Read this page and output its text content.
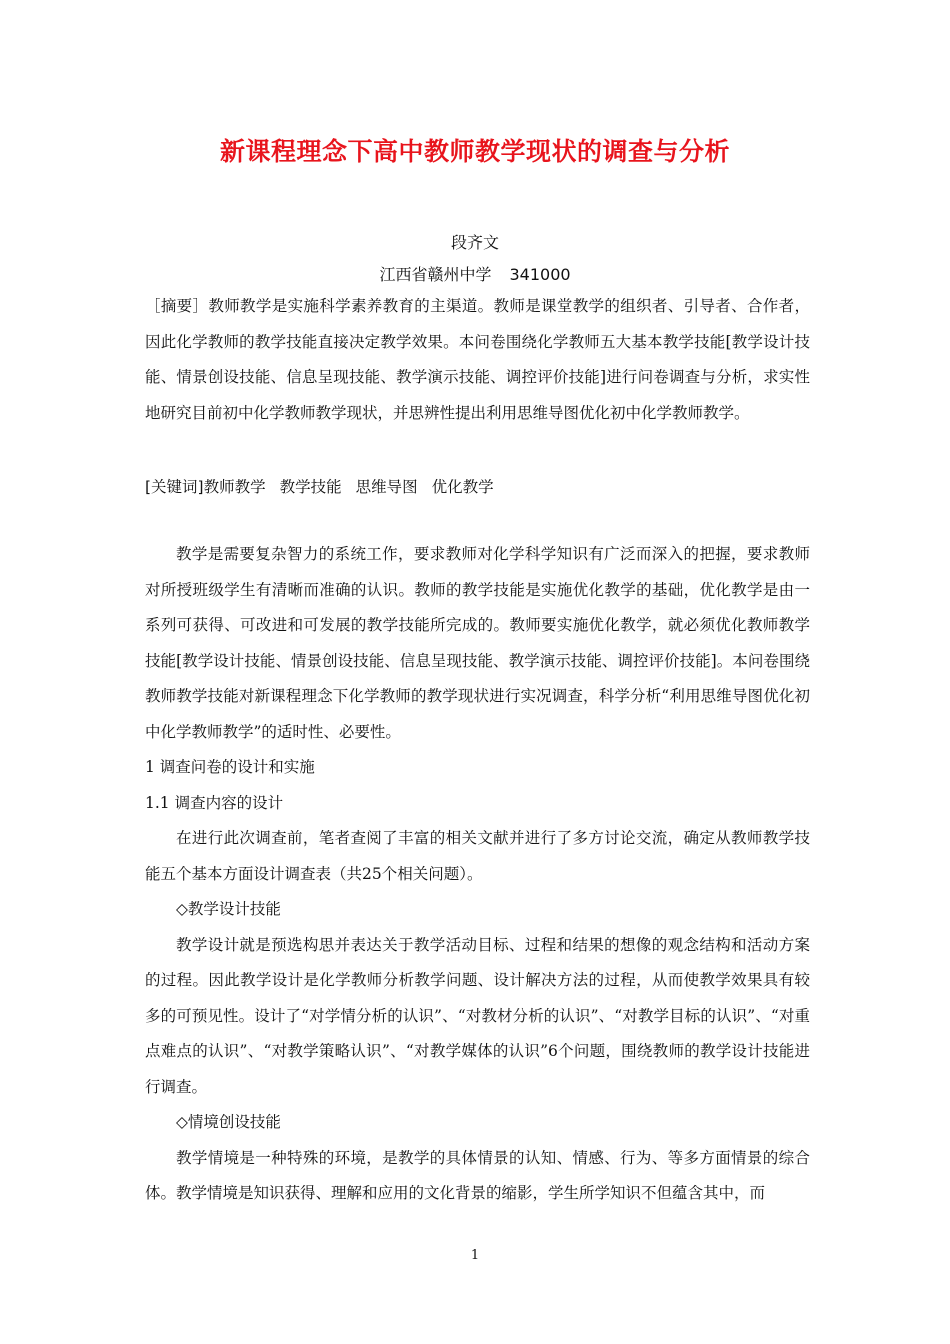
新课程理念下高中教师教学现状的调查与分析
段齐文
江西省赣州中学 341000
［摘要］教师教学是实施科学素养教育的主渠道。教师是课堂教学的组织者、引导者、合作者，因此化学教师的教学技能直接决定教学效果。本问卷围绕化学教师五大基本教学技能[教学设计技能、情景创设技能、信息呈现技能、教学演示技能、调控评价技能]进行问卷调查与分析，求实性地研究目前初中化学教师教学现状，并思辨性提出利用思维导图优化初中化学教师教学。
[关键词]教师教学 教学技能 思维导图 优化教学

教学是需要复杂智力的系统工作，要求教师对化学科学知识有广泛而深入的把握，要求教师对所授班级学生有清晰而准确的认识。教师的教学技能是实施优化教学的基础，优化教学是由一系列可获得、可改进和可发展的教学技能所完成的。教师要实施优化教学，就必须优化教师教学技能[教学设计技能、情景创设技能、信息呈现技能、教学演示技能、调控评价技能]。本问卷围绕教师教学技能对新课程理念下化学教师的教学现状进行实况调查，科学分析“利用思维导图优化初中化学教师教学”的适时性、必要性。

1 调查问卷的设计和实施

1.1 调查内容的设计

在进行此次调查前，笔者查阅了丰富的相关文献并进行了多方讨论交流，确定从教师教学技能五个基本方面设计调查表（共25个相关问题）。

◇教学设计技能

教学设计就是预选构思并表达关于教学活动目标、过程和结果的想像的观念结构和活动方案的过程。因此教学设计是化学教师分析教学问题、设计解决方法的过程，从而使教学效果具有较多的可预见性。设计了“对学情分析的认识”、“对教材分析的认识”、“对教学目标的认识”、“对重点难点的认识”、“对教学策略认识”、“对教学媒体的认识”6个问题，围绕教师的教学设计技能进行调查。

◇情境创设技能

教学情境是一种特殊的环境，是教学的具体情景的认知、情感、行为、等多方面情景的综合体。教学情境是知识获得、理解和应用的文化背景的缩影，学生所学知识不但蕴含其中，而

1
